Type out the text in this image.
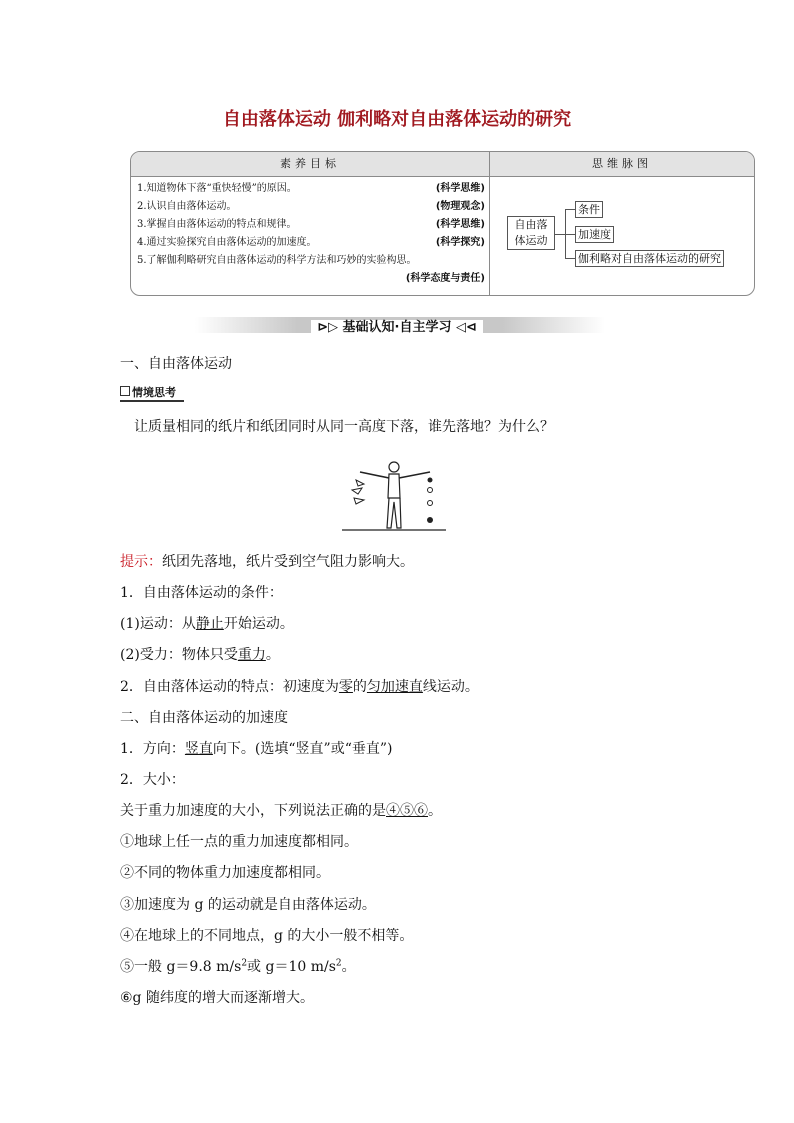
自由落体运动 伽利略对自由落体运动的研究
素养目标	思维脉图
1.知道物体下落“重快轻慢”的原因。	(科学思维)
2.认识自由落体运动。	(物理观念)
3.掌握自由落体运动的特点和规律。	(科学思维)
4.通过实验探究自由落体运动的加速度。	(科学探究)
5.了解伽利略研究自由落体运动的科学方法和巧妙的实验构思。
(科学态度与责任)
自由落
体运动
条件
加速度
伽利略对自由落体运动的研究
⊳▷ 基础认知·自主学习 ◁⊲
一、自由落体运动
情境思考
让质量相同的纸片和纸团同时从同一高度下落，谁先落地？为什么？
提示：纸团先落地，纸片受到空气阻力影响大。
1．自由落体运动的条件：
(1)运动：从静止开始运动。
(2)受力：物体只受重力。
2．自由落体运动的特点：初速度为零的匀加速直线运动。
二、自由落体运动的加速度
1．方向：竖直向下。(选填“竖直”或“垂直”)
2．大小：
关于重力加速度的大小，下列说法正确的是④⑤⑥。
①地球上任一点的重力加速度都相同。
②不同的物体重力加速度都相同。
③加速度为 g 的运动就是自由落体运动。
④在地球上的不同地点，g 的大小一般不相等。
⑤一般 g＝9.8 $m/s^2$或 g＝10 $m/s^2$。
⑥g 随纬度的增大而逐渐增大。
